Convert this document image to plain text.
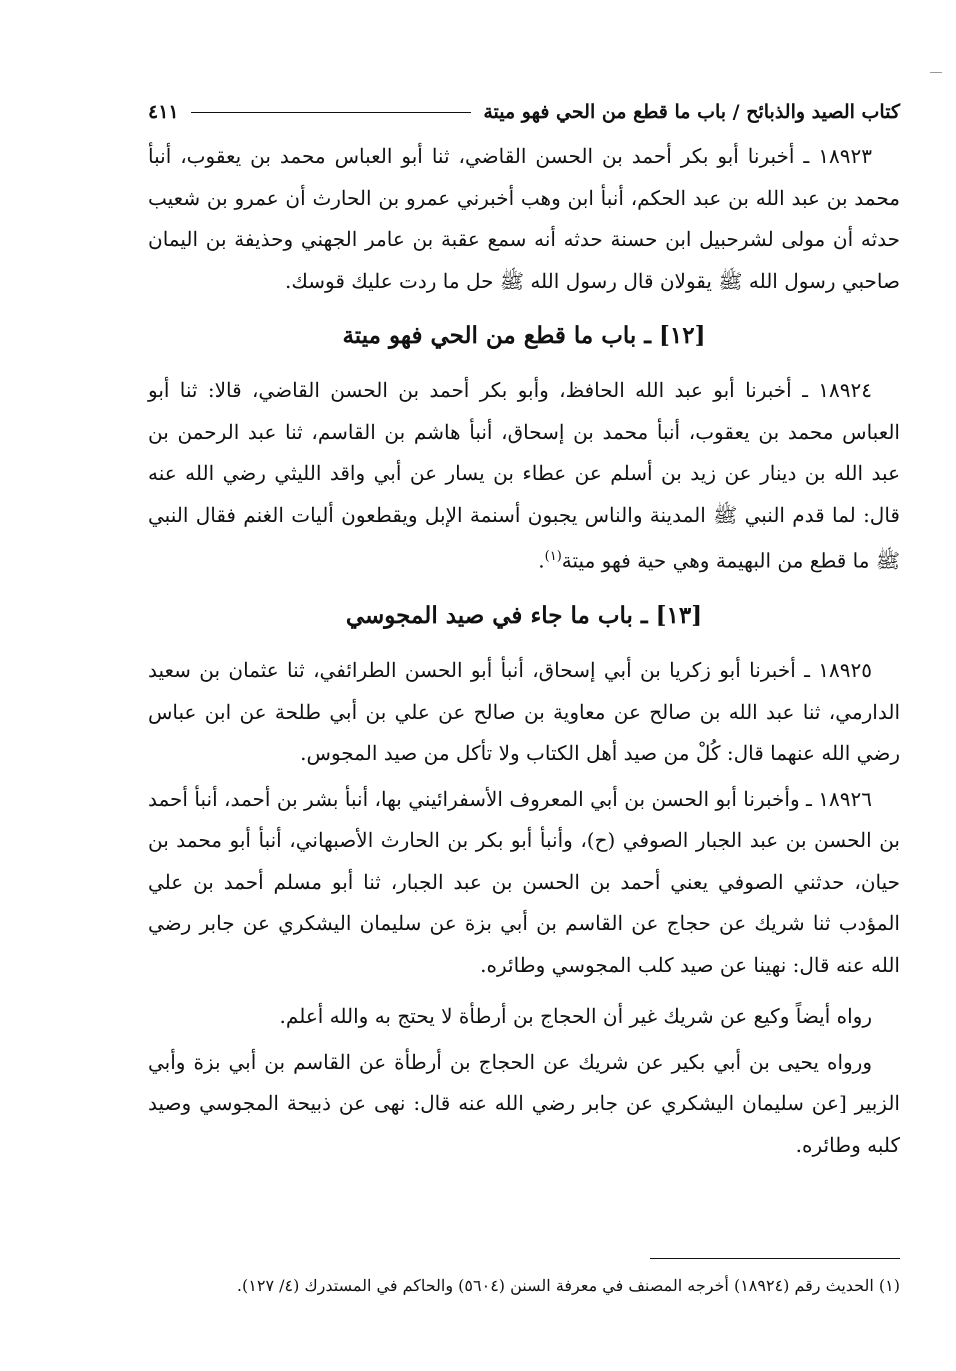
كتاب الصيد والذبائح / باب ما قطع من الحي فهو ميتة
٤١١

١٨٩٢٣ ـ أخبرنا أبو بكر أحمد بن الحسن القاضي، ثنا أبو العباس محمد بن يعقوب، أنبأ محمد بن عبد الله بن عبد الحكم، أنبأ ابن وهب أخبرني عمرو بن الحارث أن عمرو بن شعيب حدثه أن مولى لشرحبيل ابن حسنة حدثه أنه سمع عقبة بن عامر الجهني وحذيفة بن اليمان صاحبي رسول الله ﷺ يقولان قال رسول الله ﷺ حل ما ردت عليك قوسك.

[١٢] ـ باب ما قطع من الحي فهو ميتة

١٨٩٢٤ ـ أخبرنا أبو عبد الله الحافظ، وأبو بكر أحمد بن الحسن القاضي، قالا: ثنا أبو العباس محمد بن يعقوب، أنبأ محمد بن إسحاق، أنبأ هاشم بن القاسم، ثنا عبد الرحمن بن عبد الله بن دينار عن زيد بن أسلم عن عطاء بن يسار عن أبي واقد الليثي رضي الله عنه قال: لما قدم النبي ﷺ المدينة والناس يجبون أسنمة الإبل ويقطعون أليات الغنم فقال النبي ﷺ ما قطع من البهيمة وهي حية فهو ميتة$^{(١)}$.

[١٣] ـ باب ما جاء في صيد المجوسي

١٨٩٢٥ ـ أخبرنا أبو زكريا بن أبي إسحاق، أنبأ أبو الحسن الطرائفي، ثنا عثمان بن سعيد الدارمي، ثنا عبد الله بن صالح عن معاوية بن صالح عن علي بن أبي طلحة عن ابن عباس رضي الله عنهما قال: كُلْ من صيد أهل الكتاب ولا تأكل من صيد المجوس.

١٨٩٢٦ ـ وأخبرنا أبو الحسن بن أبي المعروف الأسفرائيني بها، أنبأ بشر بن أحمد، أنبأ أحمد بن الحسن بن عبد الجبار الصوفي (ح)، وأنبأ أبو بكر بن الحارث الأصبهاني، أنبأ أبو محمد بن حيان، حدثني الصوفي يعني أحمد بن الحسن بن عبد الجبار، ثنا أبو مسلم أحمد بن علي المؤدب ثنا شريك عن حجاج عن القاسم بن أبي بزة عن سليمان اليشكري عن جابر رضي الله عنه قال: نهينا عن صيد كلب المجوسي وطائره.

رواه أيضاً وكيع عن شريك غير أن الحجاج بن أرطأة لا يحتج به والله أعلم.

ورواه يحيى بن أبي بكير عن شريك عن الحجاج بن أرطأة عن القاسم بن أبي بزة وأبي الزبير [عن سليمان اليشكري عن جابر رضي الله عنه قال: نهى عن ذبيحة المجوسي وصيد كلبه وطائره.

(١) الحديث رقم (١٨٩٢٤) أخرجه المصنف في معرفة السنن (٥٦٠٤) والحاكم في المستدرك (٤/ ١٢٧).
